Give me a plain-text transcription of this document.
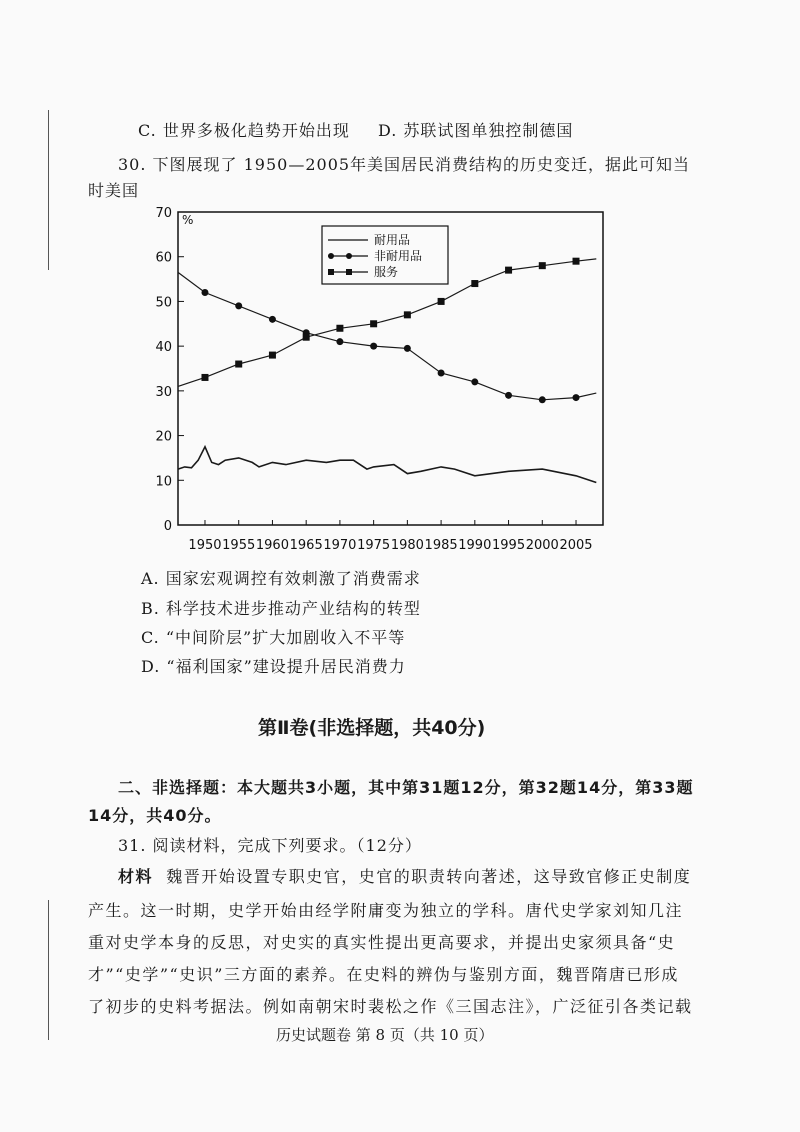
C. 世界多极化趋势开始出现 D. 苏联试图单独控制德国
30. 下图展现了 1950—2005年美国居民消费结构的历史变迁，据此可知当
时美国
%
0
10
20
30
40
50
60
70
1950 1955 1960 1965 1970 1975 1980 1985 1990 1995 2000 2005
耐用品
非耐用品
服务
A. 国家宏观调控有效刺激了消费需求
B. 科学技术进步推动产业结构的转型
C. “中间阶层”扩大加剧收入不平等
D. “福利国家”建设提升居民消费力
第Ⅱ卷(非选择题，共40分)
二、非选择题：本大题共3小题，其中第31题12分，第32题14分，第33题
14分，共40分。
31. 阅读材料，完成下列要求。（12分）
材料 魏晋开始设置专职史官，史官的职责转向著述，这导致官修正史制度
产生。这一时期，史学开始由经学附庸变为独立的学科。唐代史学家刘知几注
重对史学本身的反思，对史实的真实性提出更高要求，并提出史家须具备“史
才”“史学”“史识”三方面的素养。在史料的辨伪与鉴别方面，魏晋隋唐已形成
了初步的史料考据法。例如南朝宋时裴松之作《三国志注》，广泛征引各类记载
历史试题卷 第 8 页（共 10 页）
